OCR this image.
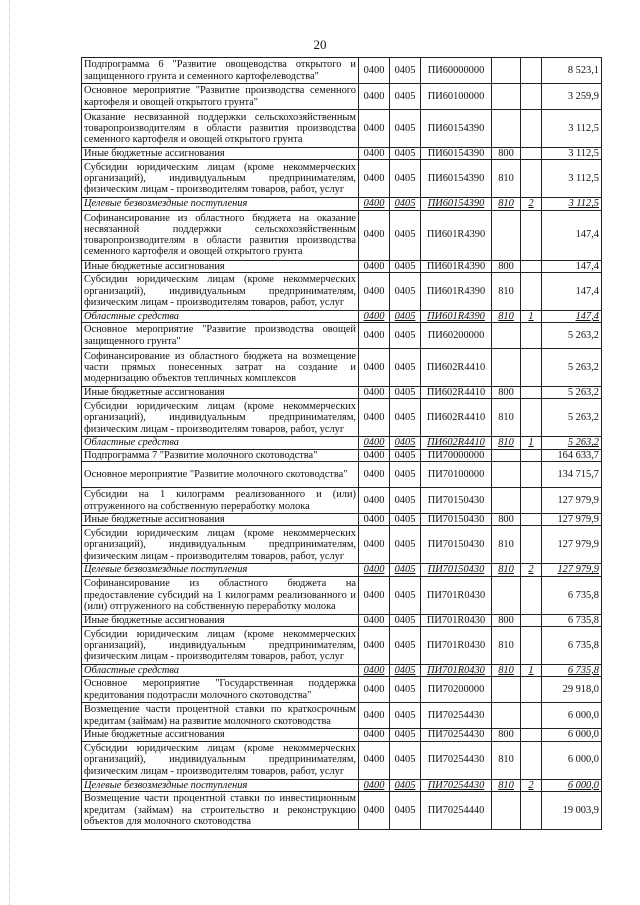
20
Подпрограмма 6 "Развитие овощеводства открытого и защищенного грунта и семенного картофелеводства"	0400	0405	ПИ60000000			8 523,1
Основное мероприятие "Развитие производства семенного картофеля и овощей открытого грунта"	0400	0405	ПИ60100000			3 259,9
Оказание несвязанной поддержки сельскохозяйственным товаропроизводителям в области развития производства семенного картофеля и овощей открытого грунта	0400	0405	ПИ60154390			3 112,5
Иные бюджетные ассигнования	0400	0405	ПИ60154390	800		3 112,5
Субсидии юридическим лицам (кроме некоммерческих организаций), индивидуальным предпринимателям, физическим лицам - производителям товаров, работ, услуг	0400	0405	ПИ60154390	810		3 112,5
Целевые безвозмездные поступления	0400	0405	ПИ60154390	810	2	3 112,5
Софинансирование из областного бюджета на оказание несвязанной поддержки сельскохозяйственным товаропроизводителям в области развития производства семенного картофеля и овощей открытого грунта	0400	0405	ПИ601R4390			147,4
Иные бюджетные ассигнования	0400	0405	ПИ601R4390	800		147,4
Субсидии юридическим лицам (кроме некоммерческих организаций), индивидуальным предпринимателям, физическим лицам - производителям товаров, работ, услуг	0400	0405	ПИ601R4390	810		147,4
Областные средства	0400	0405	ПИ601R4390	810	1	147,4
Основное мероприятие "Развитие производства овощей защищенного грунта"	0400	0405	ПИ60200000			5 263,2
Софинансирование из областного бюджета на возмещение части прямых понесенных затрат на создание и модернизацию объектов тепличных комплексов	0400	0405	ПИ602R4410			5 263,2
Иные бюджетные ассигнования	0400	0405	ПИ602R4410	800		5 263,2
Субсидии юридическим лицам (кроме некоммерческих организаций), индивидуальным предпринимателям, физическим лицам - производителям товаров, работ, услуг	0400	0405	ПИ602R4410	810		5 263,2
Областные средства	0400	0405	ПИ602R4410	810	1	5 263,2
Подпрограмма 7 "Развитие молочного скотоводства"	0400	0405	ПИ70000000			164 633,7
Основное мероприятие "Развитие молочного скотоводства"	0400	0405	ПИ70100000			134 715,7
Субсидии на 1 килограмм реализованного и (или) отгруженного на собственную переработку молока	0400	0405	ПИ70150430			127 979,9
Иные бюджетные ассигнования	0400	0405	ПИ70150430	800		127 979,9
Субсидии юридическим лицам (кроме некоммерческих организаций), индивидуальным предпринимателям, физическим лицам - производителям товаров, работ, услуг	0400	0405	ПИ70150430	810		127 979,9
Целевые безвозмездные поступления	0400	0405	ПИ70150430	810	2	127 979,9
Софинансирование из областного бюджета на предоставление субсидий на 1 килограмм реализованного и (или) отгруженного на собственную переработку молока	0400	0405	ПИ701R0430			6 735,8
Иные бюджетные ассигнования	0400	0405	ПИ701R0430	800		6 735,8
Субсидии юридическим лицам (кроме некоммерческих организаций), индивидуальным предпринимателям, физическим лицам - производителям товаров, работ, услуг	0400	0405	ПИ701R0430	810		6 735,8
Областные средства	0400	0405	ПИ701R0430	810	1	6 735,8
Основное мероприятие "Государственная поддержка кредитования подотрасли молочного скотоводства"	0400	0405	ПИ70200000			29 918,0
Возмещение части процентной ставки по краткосрочным кредитам (займам) на развитие молочного скотоводства	0400	0405	ПИ70254430			6 000,0
Иные бюджетные ассигнования	0400	0405	ПИ70254430	800		6 000,0
Субсидии юридическим лицам (кроме некоммерческих организаций), индивидуальным предпринимателям, физическим лицам - производителям товаров, работ, услуг	0400	0405	ПИ70254430	810		6 000,0
Целевые безвозмездные поступления	0400	0405	ПИ70254430	810	2	6 000,0
Возмещение части процентной ставки по инвестиционным кредитам (займам) на строительство и реконструкцию объектов для молочного скотоводства	0400	0405	ПИ70254440			19 003,9
